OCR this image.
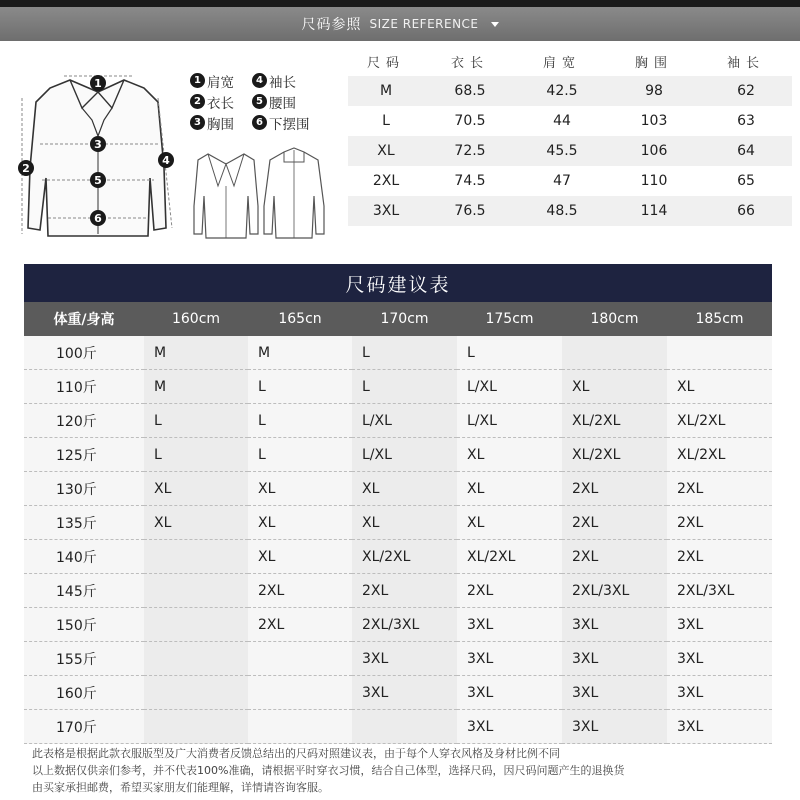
尺码参照 SIZE REFERENCE
1
2
3
4
5
6
1 肩宽	4 袖长
2 衣长	5 腰围
3 胸围	6 下摆围
尺码	衣长	肩宽	胸围	袖长
M	68.5	42.5	98	62
L	70.5	44	103	63
XL	72.5	45.5	106	64
2XL	74.5	47	110	65
3XL	76.5	48.5	114	66
尺码建议表
体重/身高	160cm	165cn	170cm	175cm	180cm	185cm
100斤	M	M	L	L		
110斤	M	L	L	L/XL	XL	XL
120斤	L	L	L/XL	L/XL	XL/2XL	XL/2XL
125斤	L	L	L/XL	XL	XL/2XL	XL/2XL
130斤	XL	XL	XL	XL	2XL	2XL
135斤	XL	XL	XL	XL	2XL	2XL
140斤		XL	XL/2XL	XL/2XL	2XL	2XL
145斤		2XL	2XL	2XL	2XL/3XL	2XL/3XL
150斤		2XL	2XL/3XL	3XL	3XL	3XL
155斤			3XL	3XL	3XL	3XL
160斤			3XL	3XL	3XL	3XL
170斤				3XL	3XL	3XL
此表格是根据此款衣服版型及广大消费者反馈总结出的尺码对照建议表，由于每个人穿衣风格及身材比例不同
以上数据仅供亲们参考，并不代表100%准确，请根据平时穿衣习惯，结合自己体型，选择尺码，因尺码问题产生的退换货
由买家承担邮费，希望买家朋友们能理解，详情请咨询客服。
